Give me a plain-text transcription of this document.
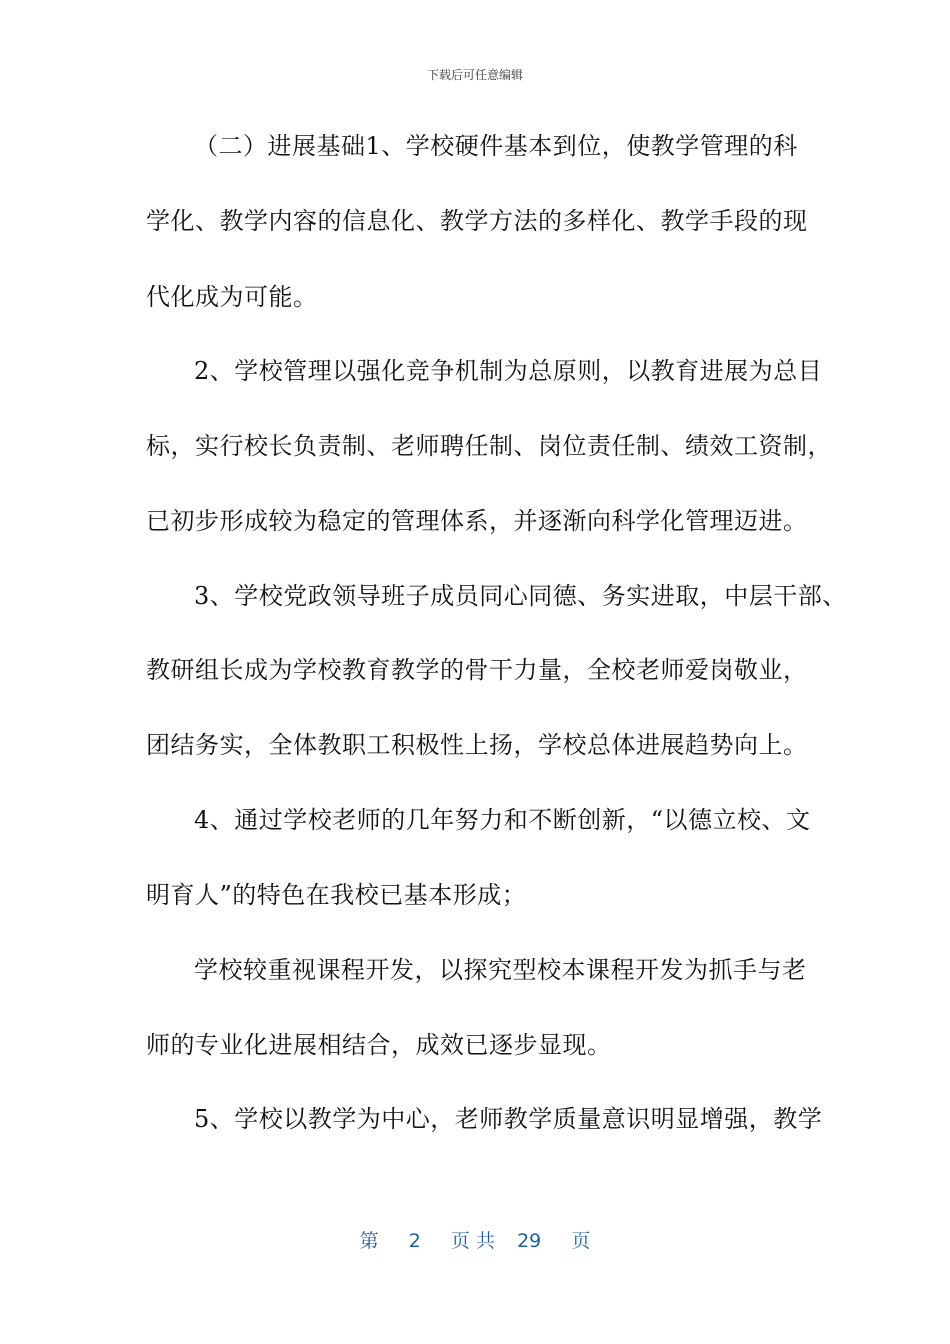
下载后可任意编辑
（二）进展基础1、学校硬件基本到位，使教学管理的科
学化、教学内容的信息化、教学方法的多样化、教学手段的现
代化成为可能。
2、学校管理以强化竞争机制为总原则，以教育进展为总目
标，实行校长负责制、老师聘任制、岗位责任制、绩效工资制，
已初步形成较为稳定的管理体系，并逐渐向科学化管理迈进。
3、学校党政领导班子成员同心同德、务实进取，中层干部、
教研组长成为学校教育教学的骨干力量，全校老师爱岗敬业，
团结务实，全体教职工积极性上扬，学校总体进展趋势向上。
4、通过学校老师的几年努力和不断创新，“以德立校、文
明育人”的特色在我校已基本形成；
学校较重视课程开发，以探究型校本课程开发为抓手与老
师的专业化进展相结合，成效已逐步显现。
5、学校以教学为中心，老师教学质量意识明显增强，教学
第 2 页 共 29 页
